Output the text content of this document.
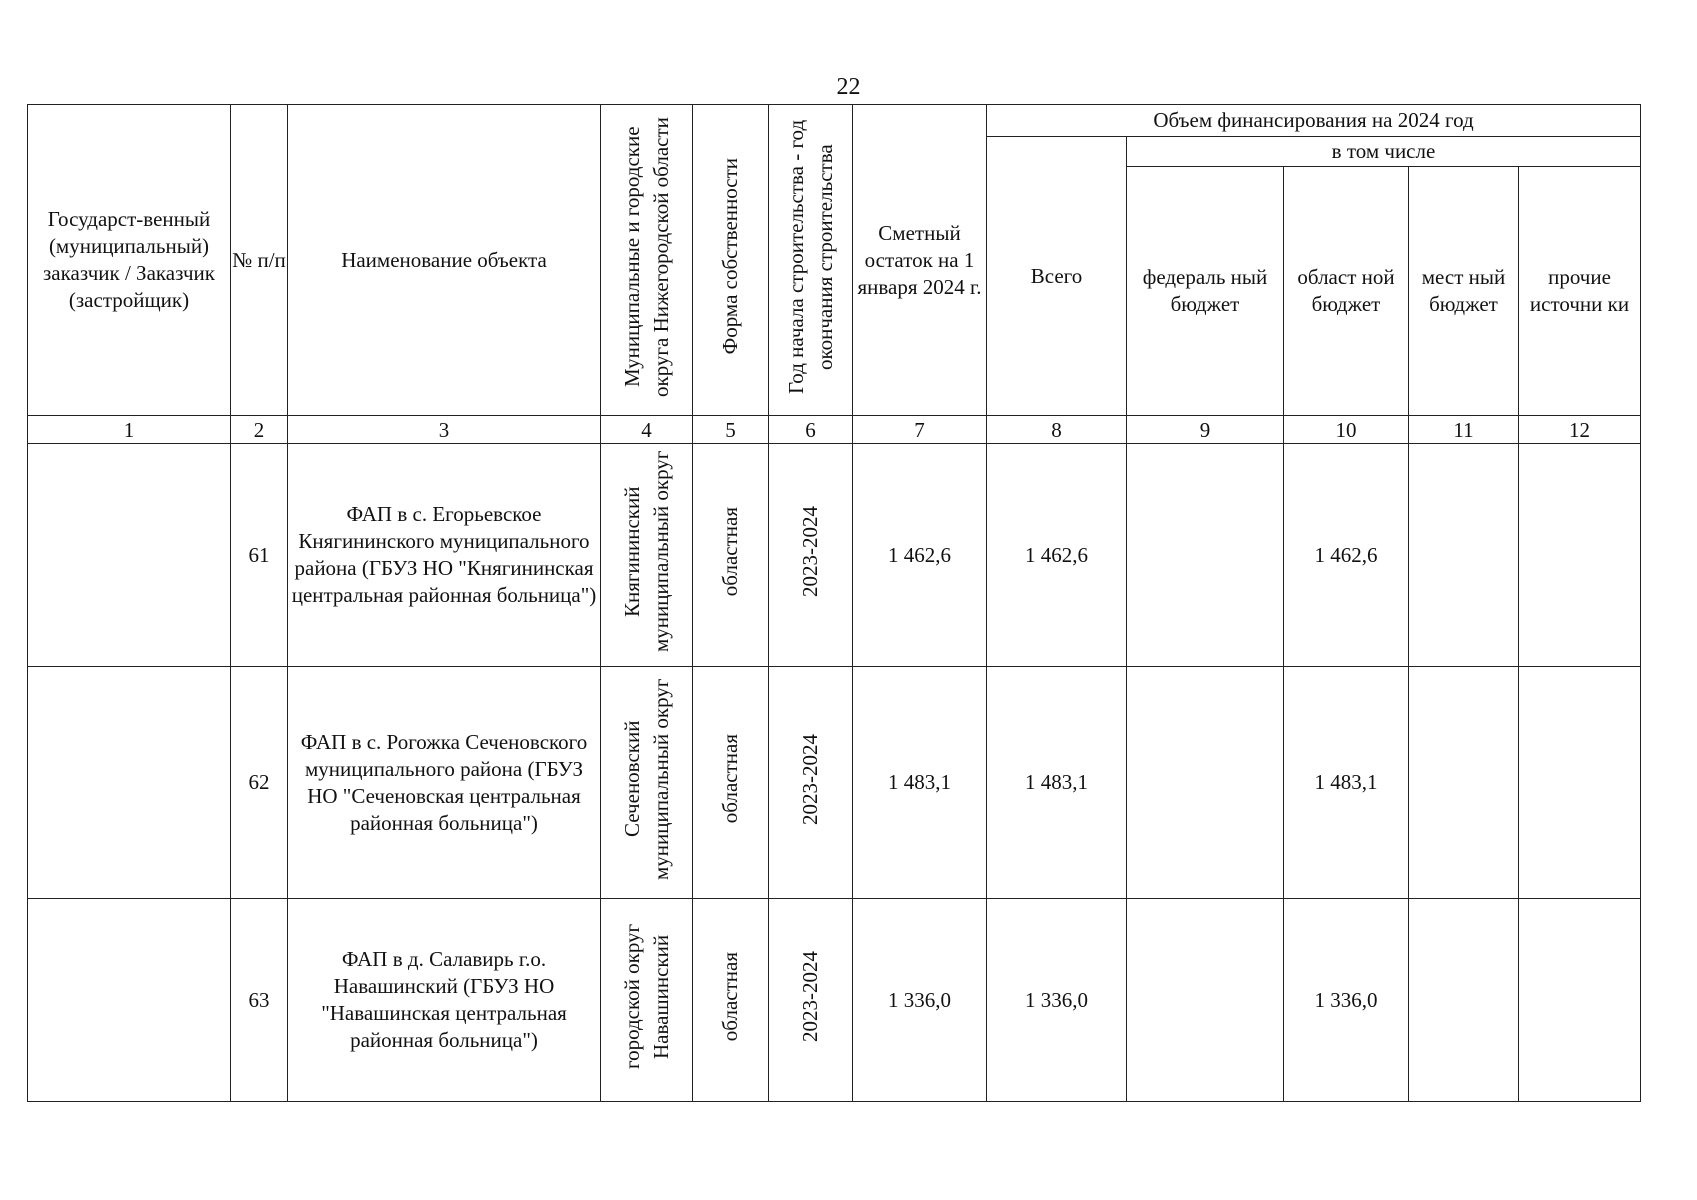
22
Государст-венный (муниципальный) заказчик / Заказчик (застройщик)	№ п/п	Наименование объекта	Муниципальные и городские округа Нижегородской области	Форма собственности	Год начала строительства - год окончания строительства	Сметный остаток на 1 января 2024 г.	Объем финансирования на 2024 год				
							Всего	в том числе			
								федераль ный бюджет	област ной бюджет	мест ный бюджет	прочие источни ки
1	2	3	4	5	6	7	8	9	10	11	12
	61	ФАП в с. Егорьевское Княгининского муниципального района (ГБУЗ НО "Княгининская центральная районная больница")	Княгининский муниципальный округ	областная	2023-2024	1 462,6	1 462,6		1 462,6		
	62	ФАП в с. Рогожка Сеченовского муниципального района (ГБУЗ НО "Сеченовская центральная районная больница")	Сеченовский муниципальный округ	областная	2023-2024	1 483,1	1 483,1		1 483,1		
	63	ФАП в д. Салавирь г.о. Навашинский (ГБУЗ НО "Навашинская центральная районная больница")	городской округ Навашинский	областная	2023-2024	1 336,0	1 336,0		1 336,0		
